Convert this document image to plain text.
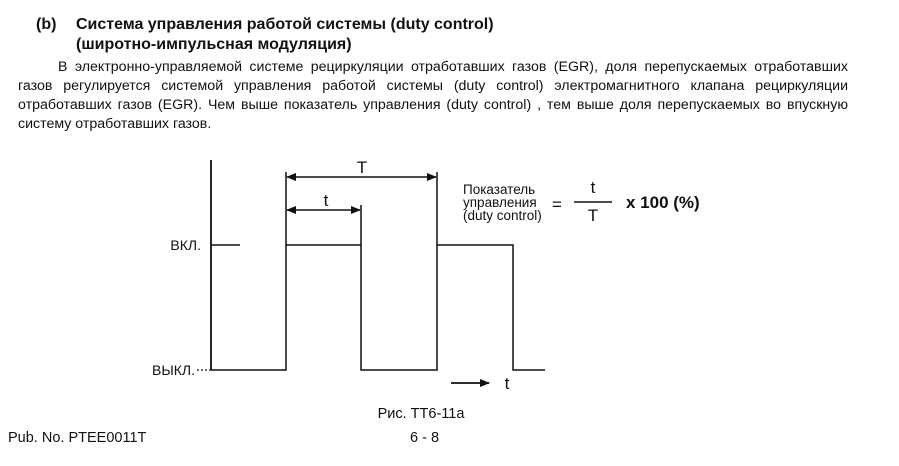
(b) Система управления работой системы (duty control)
(широтно-импульсная модуляция)
В электронно-управляемой системе рециркуляции отработавших газов (EGR), доля перепускаемых отработавших газов регулируется системой управления работой системы (duty control) электромагнитного клапана рециркуляции отработавших газов (EGR). Чем выше показатель управления (duty control) , тем выше доля перепускаемых во впускную систему отработавших газов.
T
t
ВКЛ.
ВЫКЛ.
t
Показатель
управления
(duty control)
=
t
T
x 100 (%)
Рис. TT6-11a
Pub. No. PTEE0011T	6 - 8
